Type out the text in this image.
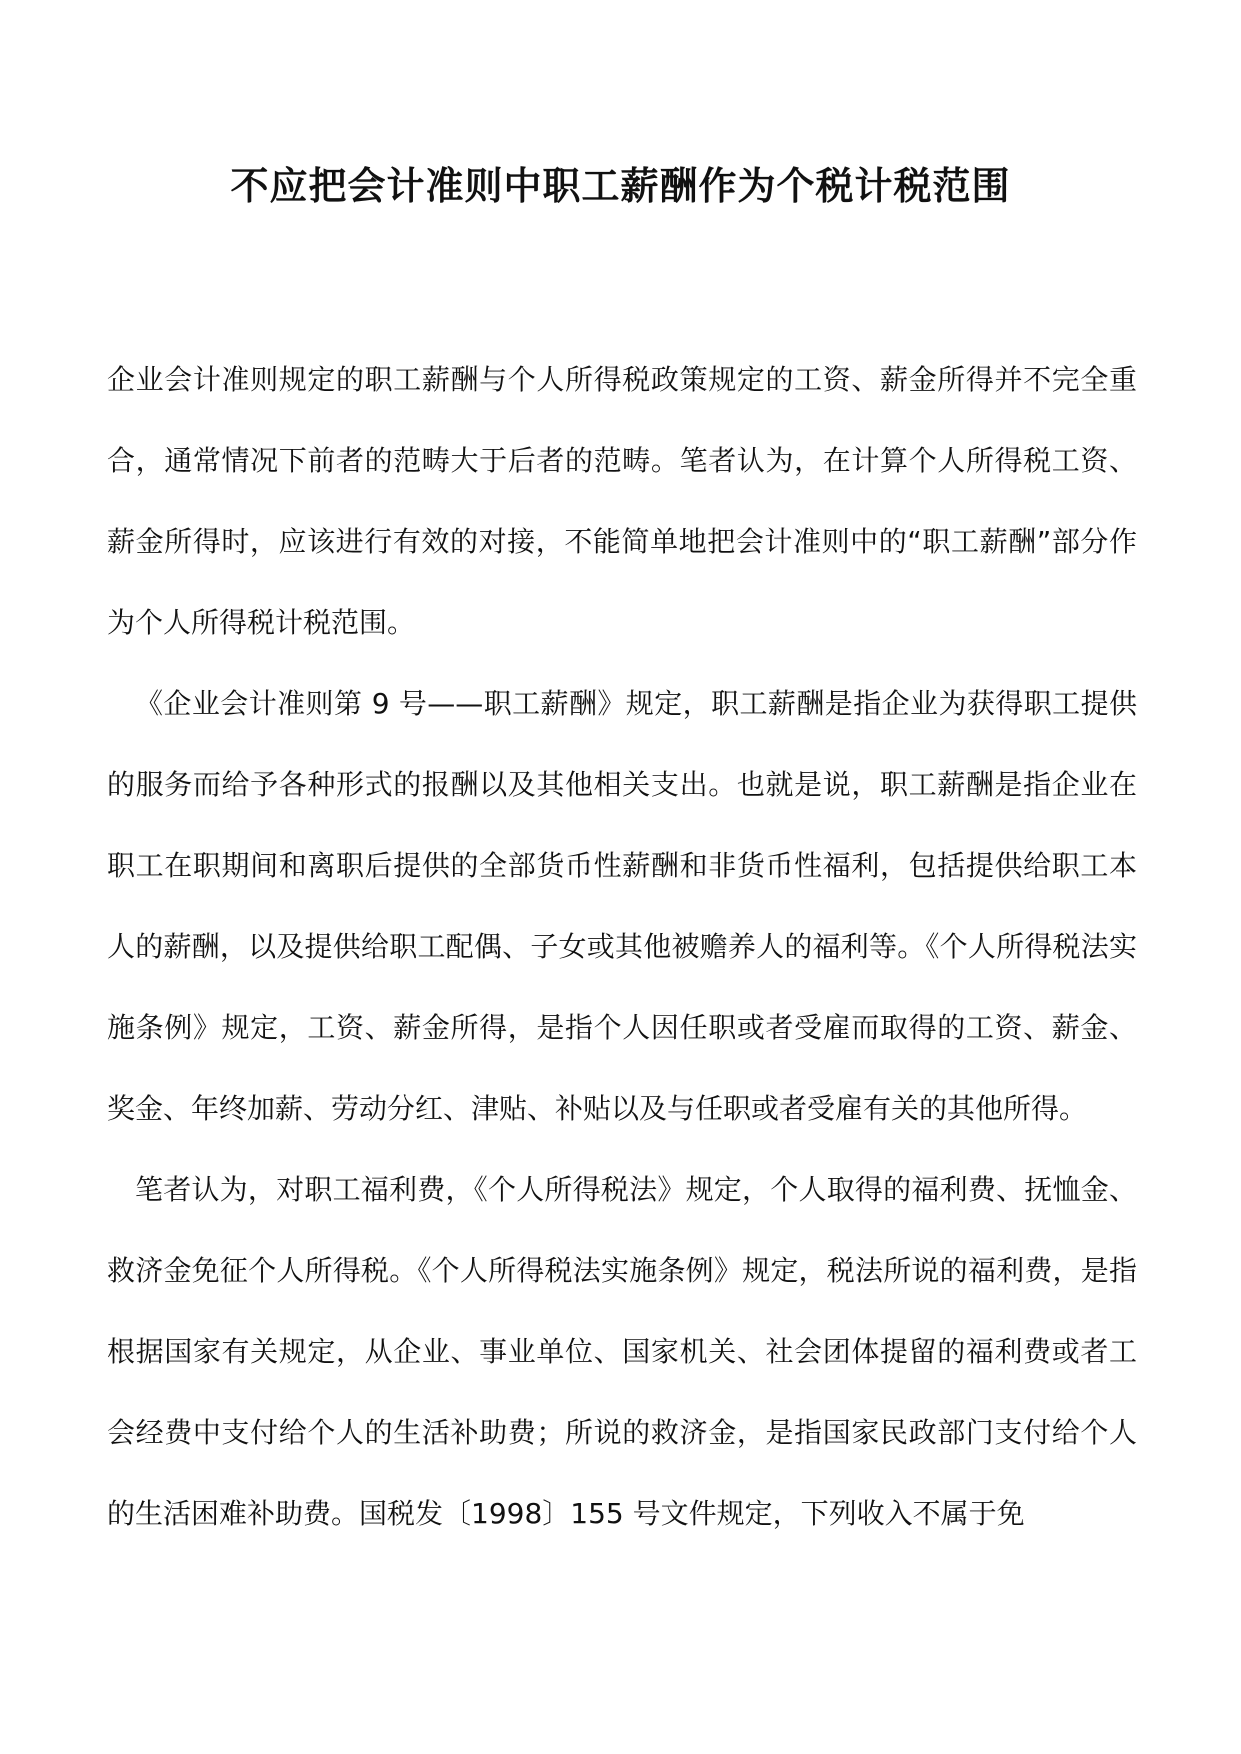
不应把会计准则中职工薪酬作为个税计税范围

企业会计准则规定的职工薪酬与个人所得税政策规定的工资、薪金所得并不完全重合，通常情况下前者的范畴大于后者的范畴。笔者认为，在计算个人所得税工资、薪金所得时，应该进行有效的对接，不能简单地把会计准则中的“职工薪酬”部分作为个人所得税计税范围。

《企业会计准则第 9 号——职工薪酬》规定，职工薪酬是指企业为获得职工提供的服务而给予各种形式的报酬以及其他相关支出。也就是说，职工薪酬是指企业在职工在职期间和离职后提供的全部货币性薪酬和非货币性福利，包括提供给职工本人的薪酬，以及提供给职工配偶、子女或其他被赡养人的福利等。《个人所得税法实施条例》规定，工资、薪金所得，是指个人因任职或者受雇而取得的工资、薪金、奖金、年终加薪、劳动分红、津贴、补贴以及与任职或者受雇有关的其他所得。

笔者认为，对职工福利费，《个人所得税法》规定，个人取得的福利费、抚恤金、救济金免征个人所得税。《个人所得税法实施条例》规定，税法所说的福利费，是指根据国家有关规定，从企业、事业单位、国家机关、社会团体提留的福利费或者工会经费中支付给个人的生活补助费；所说的救济金，是指国家民政部门支付给个人的生活困难补助费。国税发〔1998〕155 号文件规定，下列收入不属于免
